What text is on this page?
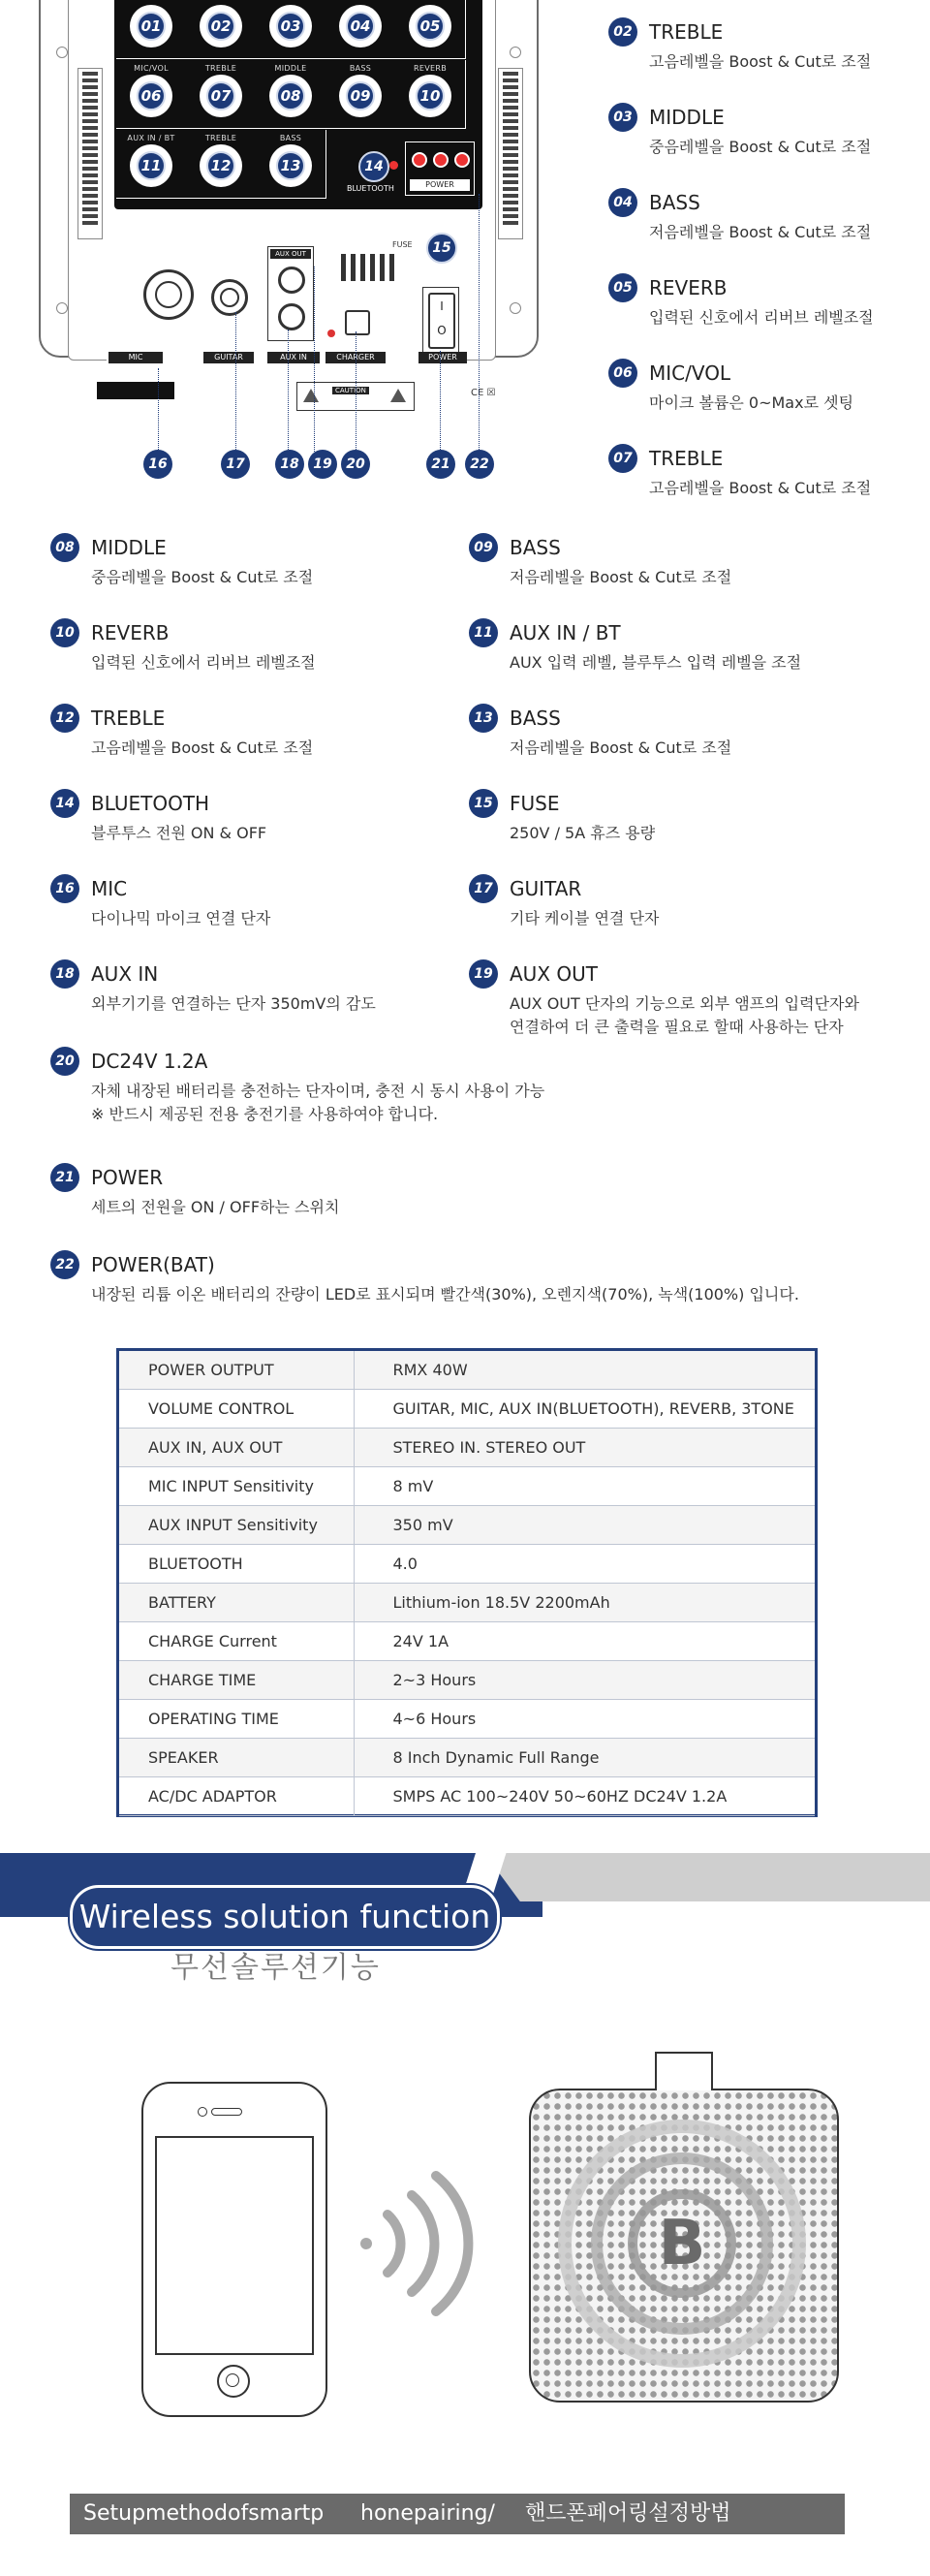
01	02	03	04	05
MIC/VOL
06
TREBLE
07
MIDDLE
08
BASS
09
REVERB
10
AUX IN / BT
11
TREBLE
12
BASS
13	14
BLUETOOTH	POWER
FUSE	15
AUX OUT
I
O
CAUTION	CE ☒
MIC	GUITAR	AUX IN	CHARGER	POWER
16	17	18	19	20	21	22
02 TREBLE
고음레벨을 Boost & Cut로 조절
03 MIDDLE
중음레벨을 Boost & Cut로 조절
04 BASS
저음레벨을 Boost & Cut로 조절
05 REVERB
입력된 신호에서 리버브 레벨조절
06 MIC/VOL
마이크 볼륨은 0~Max로 셋팅
07 TREBLE
고음레벨을 Boost & Cut로 조절
08 MIDDLE
중음레벨을 Boost & Cut로 조절
09 BASS
저음레벨을 Boost & Cut로 조절
10 REVERB
입력된 신호에서 리버브 레벨조절
11 AUX IN / BT
AUX 입력 레벨, 블루투스 입력 레벨을 조절
12 TREBLE
고음레벨을 Boost & Cut로 조절
13 BASS
저음레벨을 Boost & Cut로 조절
14 BLUETOOTH
블루투스 전원 ON & OFF
15 FUSE
250V / 5A 휴즈 용량
16 MIC
다이나믹 마이크 연결 단자
17 GUITAR
기타 케이블 연결 단자
18 AUX IN
외부기기를 연결하는 단자 350mV의 감도
19 AUX OUT
AUX OUT 단자의 기능으로 외부 앰프의 입력단자와
연결하여 더 큰 출력을 필요로 할때 사용하는 단자
20 DC24V 1.2A
자체 내장된 배터리를 충전하는 단자이며, 충전 시 동시 사용이 가능
※ 반드시 제공된 전용 충전기를 사용하여야 합니다.
21 POWER
세트의 전원을 ON / OFF하는 스위치
22 POWER(BAT)
내장된 리튬 이온 배터리의 잔량이 LED로 표시되며 빨간색(30%), 오렌지색(70%), 녹색(100%) 입니다.
POWER OUTPUT	RMX 40W
VOLUME CONTROL	GUITAR, MIC, AUX IN(BLUETOOTH), REVERB, 3TONE
AUX IN, AUX OUT	STEREO IN. STEREO OUT
MIC INPUT Sensitivity	8 mV
AUX INPUT Sensitivity	350 mV
BLUETOOTH	4.0
BATTERY	Lithium-ion 18.5V 2200mAh
CHARGE Current	24V 1A
CHARGE TIME	2~3 Hours
OPERATING TIME	4~6 Hours
SPEAKER	8 Inch Dynamic Full Range
AC/DC ADAPTOR	SMPS AC 100~240V 50~60HZ DC24V 1.2A
Wireless solution function
무선솔루션기능
B
Setupmethodofsmartp honepairing/ 핸드폰페어링설정방법
